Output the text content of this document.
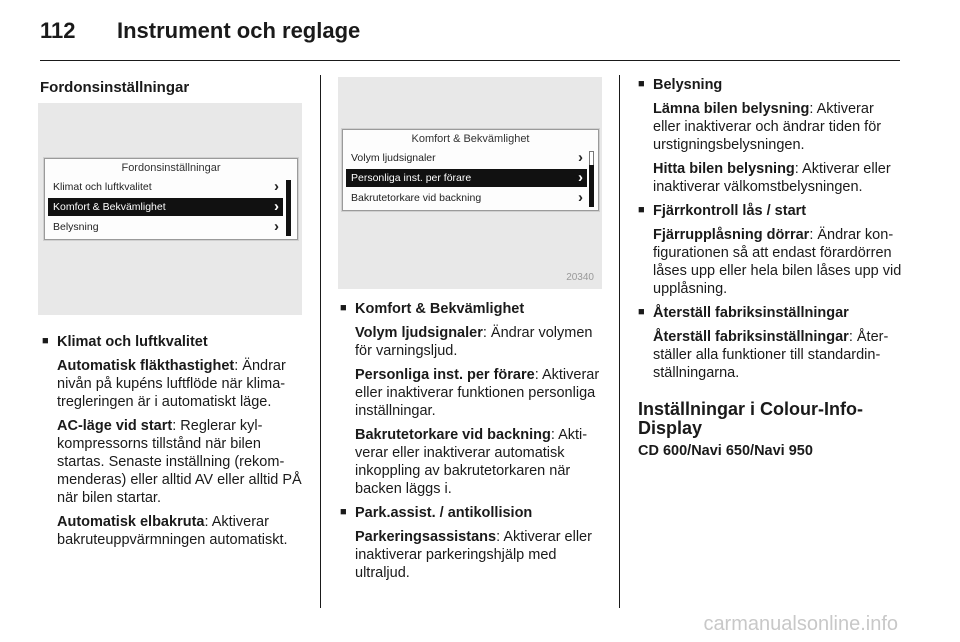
112 Instrument och reglage
Fordonsinställningar
Fordonsinställningar
Klimat och luftkvalitet	›
Komfort & Bekvämlighet	›
Belysning	›
Komfort & Bekvämlighet
Volym ljudsignaler	›
Personliga inst. per förare	›
Bakrutetorkare vid backning	›
20340
■ Klimat och luftkvalitet

Automatisk fläkthastighet: Ändrar nivån på kupéns luftflöde när klimatregleringen är i automatiskt läge.

AC-läge vid start: Reglerar kylkompressorns tillstånd när bilen startas. Senaste inställning (rekommenderas) eller alltid AV eller alltid PÅ när bilen startar.

Automatisk elbakruta: Aktiverar bakruteuppvärmningen automatiskt.

■ Komfort & Bekvämlighet

Volym ljudsignaler: Ändrar volymen för varningsljud.

Personliga inst. per förare: Aktiverar eller inaktiverar funktionen personliga inställningar.

Bakrutetorkare vid backning: Aktiverar eller inaktiverar automatisk inkoppling av bakrutetorkaren när backen läggs i.

■ Park.assist. / antikollision

Parkeringsassistans: Aktiverar eller inaktiverar parkeringshjälp med ultraljud.

■ Belysning

Lämna bilen belysning: Aktiverar eller inaktiverar och ändrar tiden för urstigningsbelysningen.

Hitta bilen belysning: Aktiverar eller inaktiverar välkomstbelysningen.

■ Fjärrkontroll lås / start

Fjärrupplåsning dörrar: Ändrar konfigurationen så att endast förardörren låses upp eller hela bilen låses upp vid upplåsning.

■ Återställ fabriksinställningar

Återställ fabriksinställningar: Återställer alla funktioner till standardinställningarna.

Inställningar i Colour-Info-Display
CD 600/Navi 650/Navi 950
carmanualsonline.info
